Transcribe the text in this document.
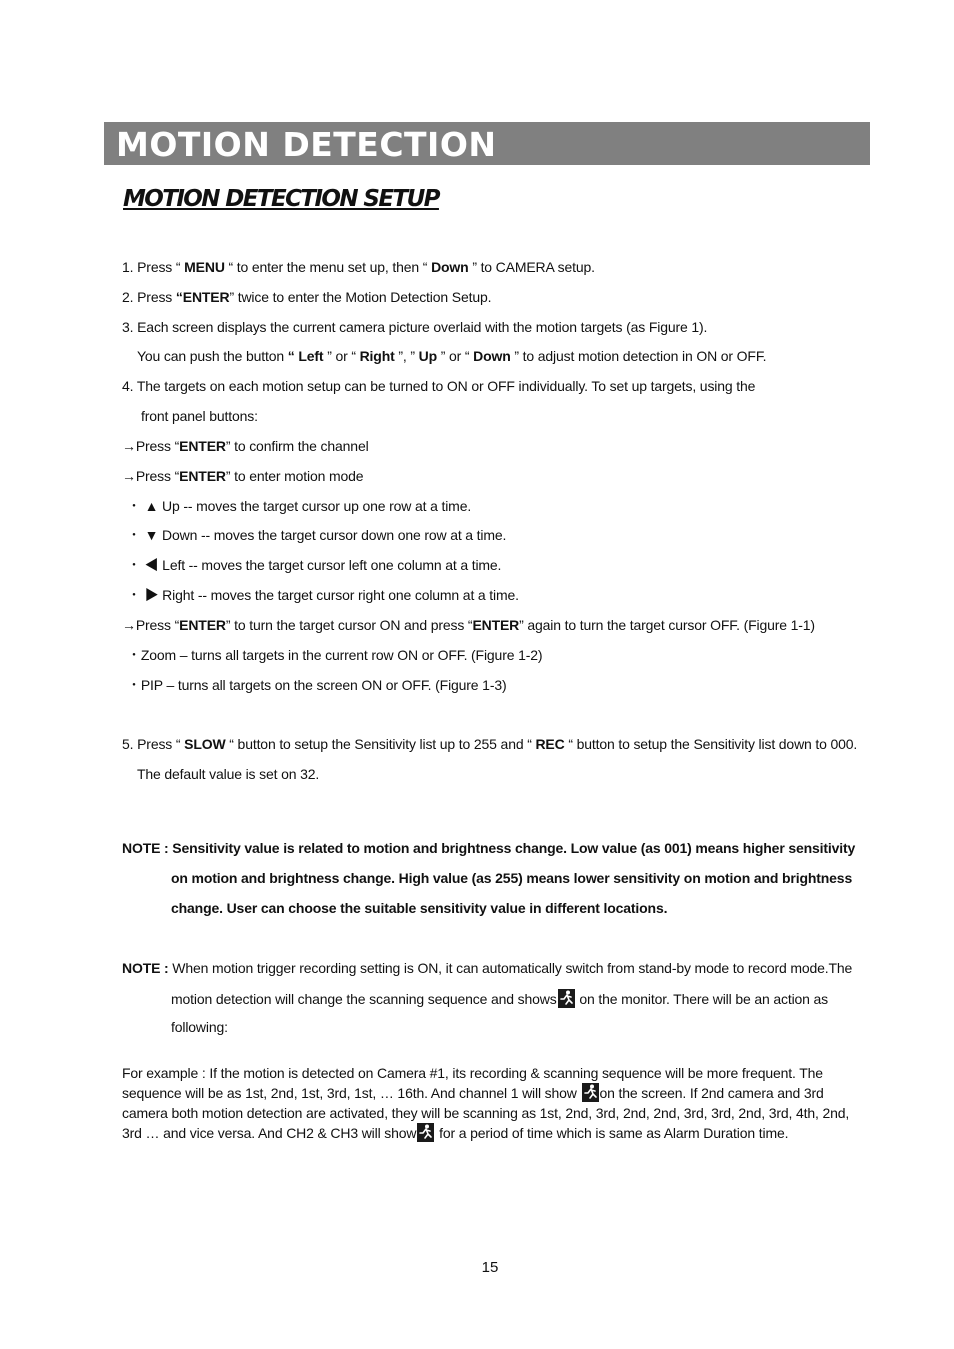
MOTION DETECTION
MOTION DETECTION SETUP

1. Press “ MENU “ to enter the menu set up, then “ Down ” to CAMERA setup.

2. Press “ENTER” twice to enter the Motion Detection Setup.

3. Each screen displays the current camera picture overlaid with the motion targets (as Figure 1).

You can push the button “ Left ” or “ Right ”, ” Up ” or “ Down ” to adjust motion detection in ON or OFF.

4. The targets on each motion setup can be turned to ON or OFF individually. To set up targets, using the

front panel buttons:

→Press “ENTER” to confirm the channel

→Press “ENTER” to enter motion mode

・ ▲ Up -- moves the target cursor up one row at a time.

・ ▼ Down -- moves the target cursor down one row at a time.

・ ◀ Left -- moves the target cursor left one column at a time.

・ ▶ Right -- moves the target cursor right one column at a time.

→Press “ENTER” to turn the target cursor ON and press “ENTER” again to turn the target cursor OFF. (Figure 1-1)

・Zoom – turns all targets in the current row ON or OFF. (Figure 1-2)

・PIP – turns all targets on the screen ON or OFF. (Figure 1-3)

5. Press “ SLOW “ button to setup the Sensitivity list up to 255 and “ REC “ button to setup the Sensitivity list down to 000.

The default value is set on 32.

NOTE : Sensitivity value is related to motion and brightness change. Low value (as 001) means higher sensitivity

on motion and brightness change. High value (as 255) means lower sensitivity on motion and brightness

change. User can choose the suitable sensitivity value in different locations.

NOTE : When motion trigger recording setting is ON, it can automatically switch from stand-by mode to record mode.The

motion detection will change the scanning sequence and shows
on the monitor. There will be an action as

following:

For example : If the motion is detected on Camera #1, its recording & scanning sequence will be more frequent. The sequence will be as 1st, 2nd, 1st, 3rd, 1st, … 16th. And channel 1 will show
on the screen. If 2nd camera and 3rd camera both motion detection are activated, they will be scanning as 1st, 2nd, 3rd, 2nd, 2nd, 3rd, 3rd, 2nd, 3rd, 4th, 2nd, 3rd … and vice versa. And CH2 & CH3 will show
for a period of time which is same as Alarm Duration time.

15
